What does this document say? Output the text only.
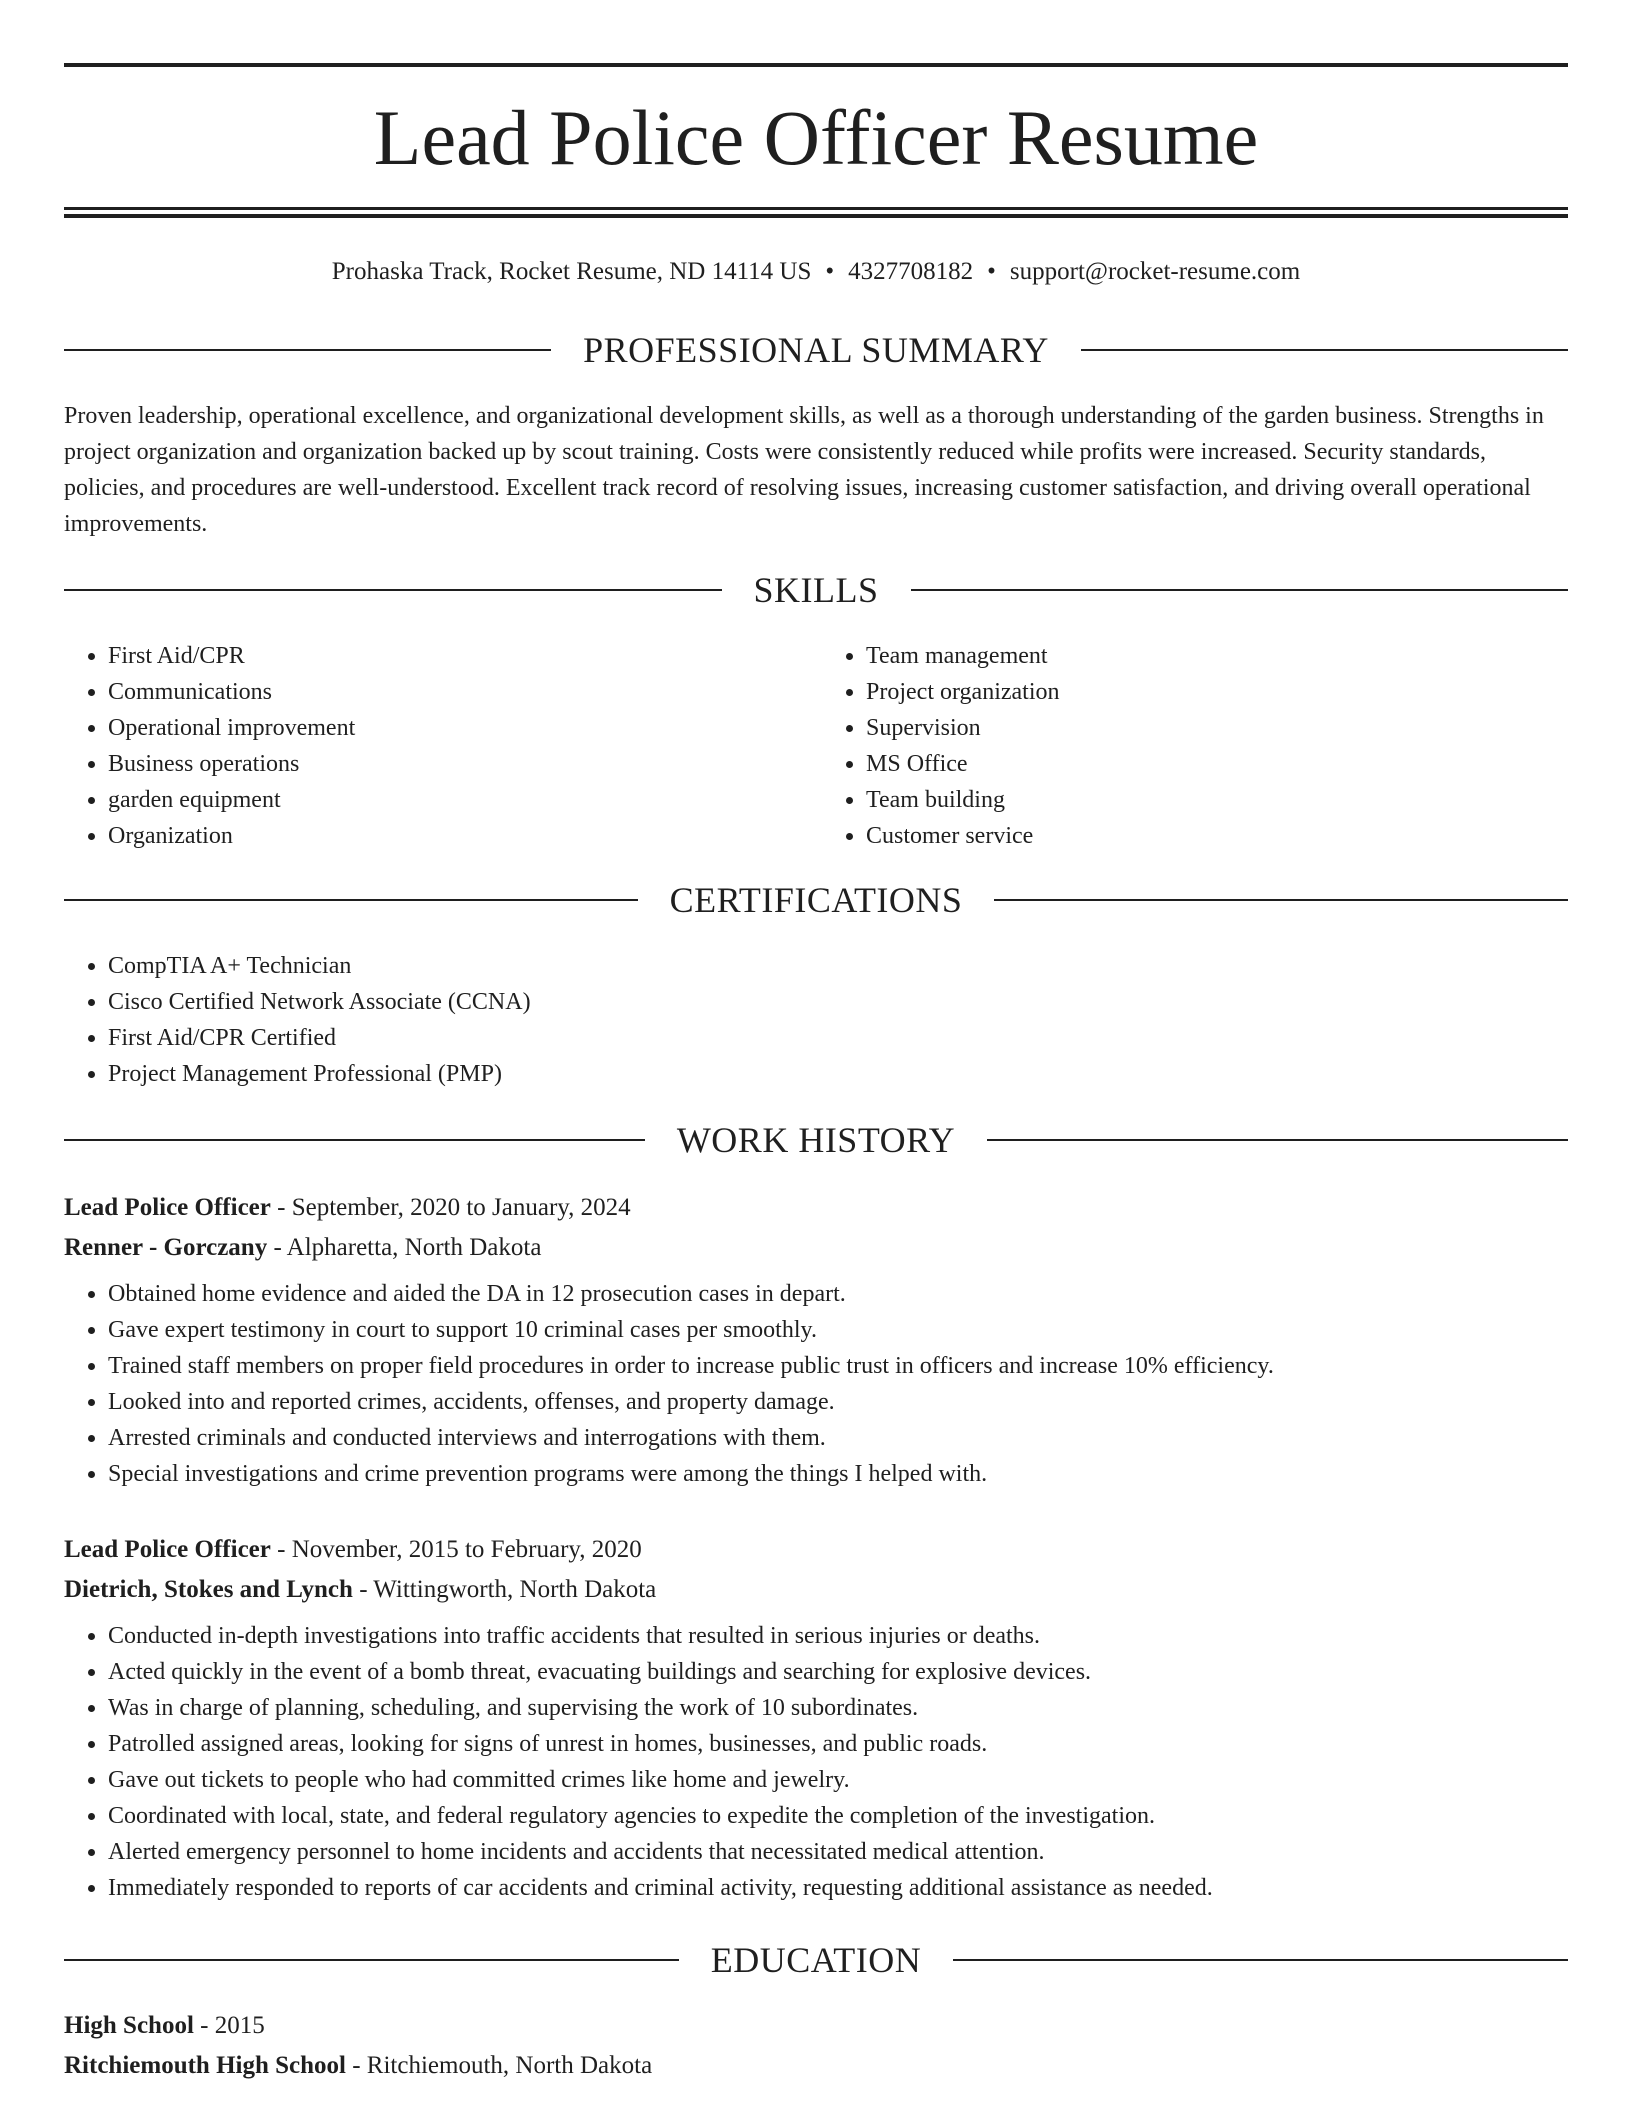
Lead Police Officer Resume
Prohaska Track, Rocket Resume, ND 14114 US • 4327708182 • support@rocket-resume.com
PROFESSIONAL SUMMARY
Proven leadership, operational excellence, and organizational development skills, as well as a thorough understanding of the garden business. Strengths in project organization and organization backed up by scout training. Costs were consistently reduced while profits were increased. Security standards, policies, and procedures are well-understood. Excellent track record of resolving issues, increasing customer satisfaction, and driving overall operational improvements.
SKILLS
• First Aid/CPR
• Communications
• Operational improvement
• Business operations
• garden equipment
• Organization
• Team management
• Project organization
• Supervision
• MS Office
• Team building
• Customer service
CERTIFICATIONS
• CompTIA A+ Technician
• Cisco Certified Network Associate (CCNA)
• First Aid/CPR Certified
• Project Management Professional (PMP)
WORK HISTORY
Lead Police Officer - September, 2020 to January, 2024
Renner - Gorczany - Alpharetta, North Dakota
• Obtained home evidence and aided the DA in 12 prosecution cases in depart.
• Gave expert testimony in court to support 10 criminal cases per smoothly.
• Trained staff members on proper field procedures in order to increase public trust in officers and increase 10% efficiency.
• Looked into and reported crimes, accidents, offenses, and property damage.
• Arrested criminals and conducted interviews and interrogations with them.
• Special investigations and crime prevention programs were among the things I helped with.
Lead Police Officer - November, 2015 to February, 2020
Dietrich, Stokes and Lynch - Wittingworth, North Dakota
• Conducted in-depth investigations into traffic accidents that resulted in serious injuries or deaths.
• Acted quickly in the event of a bomb threat, evacuating buildings and searching for explosive devices.
• Was in charge of planning, scheduling, and supervising the work of 10 subordinates.
• Patrolled assigned areas, looking for signs of unrest in homes, businesses, and public roads.
• Gave out tickets to people who had committed crimes like home and jewelry.
• Coordinated with local, state, and federal regulatory agencies to expedite the completion of the investigation.
• Alerted emergency personnel to home incidents and accidents that necessitated medical attention.
• Immediately responded to reports of car accidents and criminal activity, requesting additional assistance as needed.
EDUCATION
High School - 2015
Ritchiemouth High School - Ritchiemouth, North Dakota
